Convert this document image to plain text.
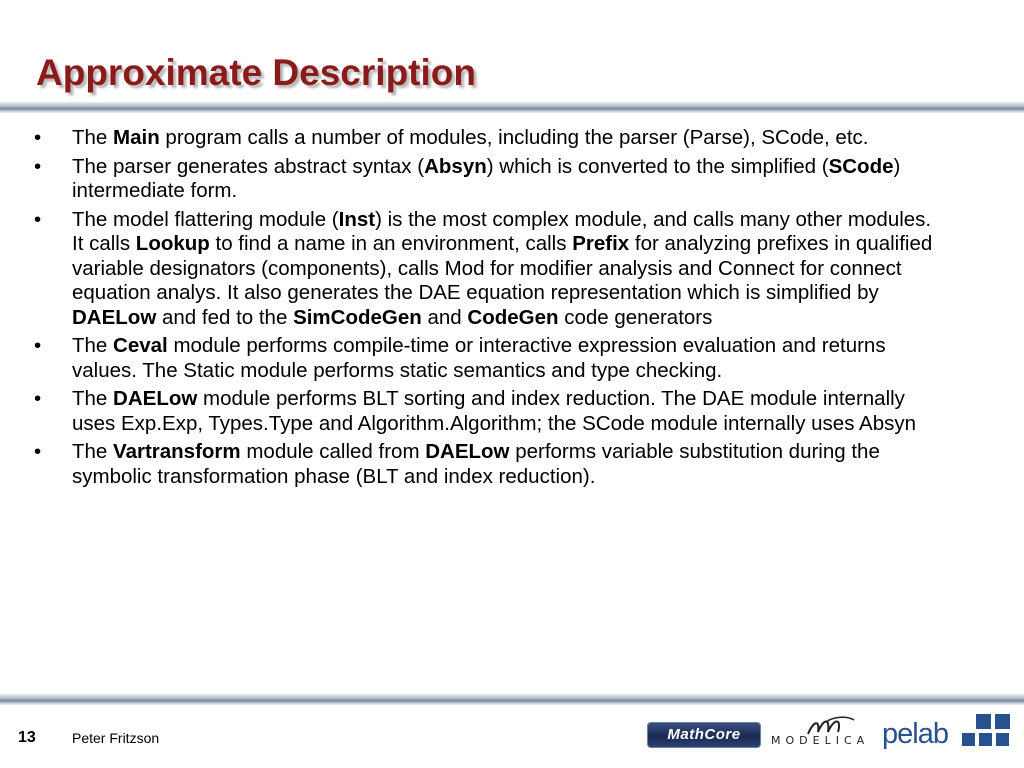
Approximate Description
• The Main program calls a number of modules, including the parser (Parse), SCode, etc.
• The parser generates abstract syntax (Absyn) which is converted to the simplified (SCode) intermediate form.
• The model flattering module (Inst) is the most complex module, and calls many other modules. It calls Lookup to find a name in an environment, calls Prefix for analyzing prefixes in qualified variable designators (components), calls Mod for modifier analysis and Connect for connect equation analys. It also generates the DAE equation representation which is simplified by DAELow and fed to the SimCodeGen and CodeGen code generators
• The Ceval module performs compile-time or interactive expression evaluation and returns values. The Static module performs static semantics and type checking.
• The DAELow module performs BLT sorting and index reduction. The DAE module internally uses Exp.Exp, Types.Type and Algorithm.Algorithm; the SCode module internally uses Absyn
• The Vartransform module called from DAELow performs variable substitution during the symbolic transformation phase (BLT and index reduction).
13	Peter Fritzson	MathCore	MODELICA pelab
